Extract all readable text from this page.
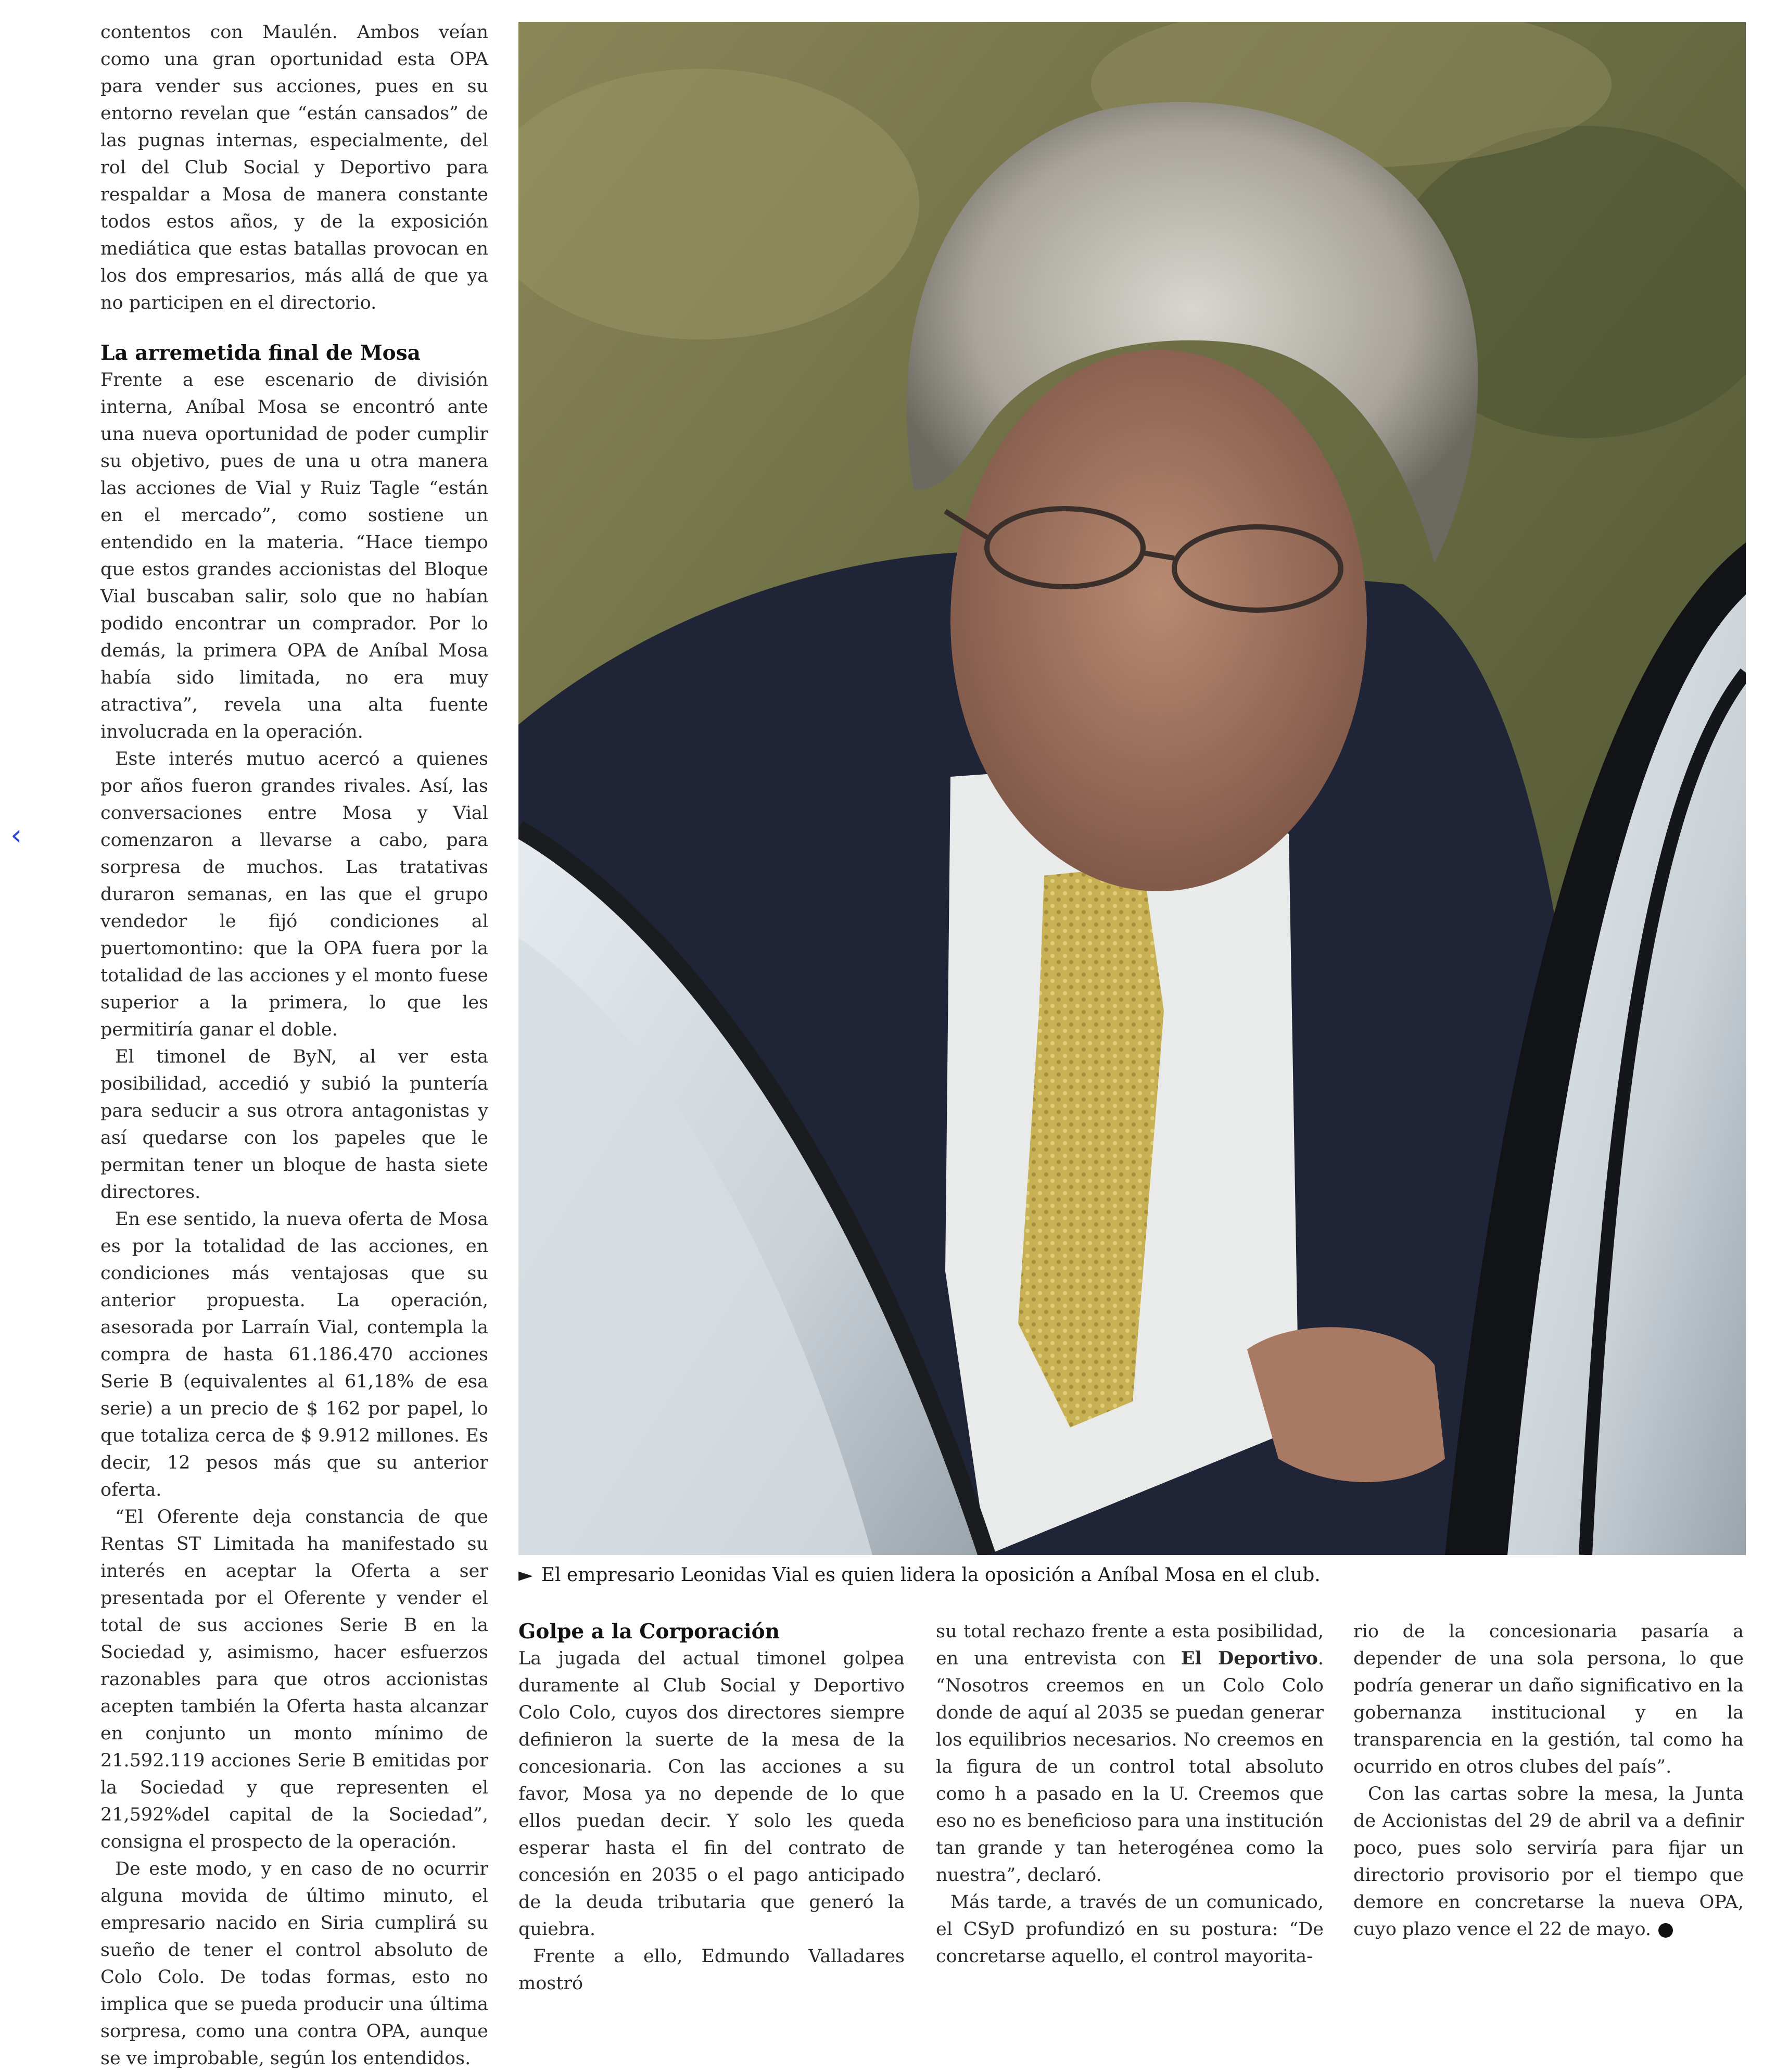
‹

contentos con Maulén. Ambos veían como una gran oportunidad esta OPA para vender sus acciones, pues en su entorno revelan que “están cansados” de las pugnas internas, especialmente, del rol del Club Social y Deportivo para respaldar a Mosa de manera constante todos estos años, y de la exposición mediática que estas batallas provocan en los dos empresarios, más allá de que ya no participen en el directorio.

La arremetida final de Mosa

Frente a ese escenario de división interna, Aníbal Mosa se encontró ante una nueva oportunidad de poder cumplir su objetivo, pues de una u otra manera las acciones de Vial y Ruiz Tagle “están en el mercado”, como sostiene un entendido en la materia. “Hace tiempo que estos grandes accionistas del Bloque Vial buscaban salir, solo que no habían podido encontrar un comprador. Por lo demás, la primera OPA de Aníbal Mosa había sido limitada, no era muy atractiva”, revela una alta fuente involucrada en la operación.

Este interés mutuo acercó a quienes por años fueron grandes rivales. Así, las conversaciones entre Mosa y Vial comenzaron a llevarse a cabo, para sorpresa de muchos. Las tratativas duraron semanas, en las que el grupo vendedor le fijó condiciones al puertomontino: que la OPA fuera por la totalidad de las acciones y el monto fuese superior a la primera, lo que les permitiría ganar el doble.

El timonel de ByN, al ver esta posibilidad, accedió y subió la puntería para seducir a sus otrora antagonistas y así quedarse con los papeles que le permitan tener un bloque de hasta siete directores.

En ese sentido, la nueva oferta de Mosa es por la totalidad de las acciones, en condiciones más ventajosas que su anterior propuesta. La operación, asesorada por Larraín Vial, contempla la compra de hasta 61.186.470 acciones Serie B (equivalentes al 61,18% de esa serie) a un precio de $ 162 por papel, lo que totaliza cerca de $ 9.912 millones. Es decir, 12 pesos más que su anterior oferta.

“El Oferente deja constancia de que Rentas ST Limitada ha manifestado su interés en aceptar la Oferta a ser presentada por el Oferente y vender el total de sus acciones Serie B en la Sociedad y, asimismo, hacer esfuerzos razonables para que otros accionistas acepten también la Oferta hasta alcanzar en conjunto un monto mínimo de 21.592.119 acciones Serie B emitidas por la Sociedad y que representen el 21,592%del capital de la Sociedad”, consigna el prospecto de la operación.

De este modo, y en caso de no ocurrir alguna movida de último minuto, el empresario nacido en Siria cumplirá su sueño de tener el control absoluto de Colo Colo. De todas formas, esto no implica que se pueda producir una última sorpresa, como una contra OPA, aunque se ve improbable, según los entendidos.

► El empresario Leonidas Vial es quien lidera la oposición a Aníbal Mosa en el club.
Golpe a la Corporación

La jugada del actual timonel golpea duramente al Club Social y Deportivo Colo Colo, cuyos dos directores siempre definieron la suerte de la mesa de la concesionaria. Con las acciones a su favor, Mosa ya no depende de lo que ellos puedan decir. Y solo les queda esperar hasta el fin del contrato de concesión en 2035 o el pago anticipado de la deuda tributaria que generó la quiebra.

Frente a ello, Edmundo Valladares mostró

su total rechazo frente a esta posibilidad, en una entrevista con El Deportivo. “Nosotros creemos en un Colo Colo donde de aquí al 2035 se puedan generar los equilibrios necesarios. No creemos en la figura de un control total absoluto como h a pasado en la U. Creemos que eso no es beneficioso para una institución tan grande y tan heterogénea como la nuestra”, declaró.

Más tarde, a través de un comunicado, el CSyD profundizó en su postura: “De concretarse aquello, el control mayorita-

rio de la concesionaria pasaría a depender de una sola persona, lo que podría generar un daño significativo en la gobernanza institucional y en la transparencia en la gestión, tal como ha ocurrido en otros clubes del país”.

Con las cartas sobre la mesa, la Junta de Accionistas del 29 de abril va a definir poco, pues solo serviría para fijar un directorio provisorio por el tiempo que demore en concretarse la nueva OPA, cuyo plazo vence el 22 de mayo.
